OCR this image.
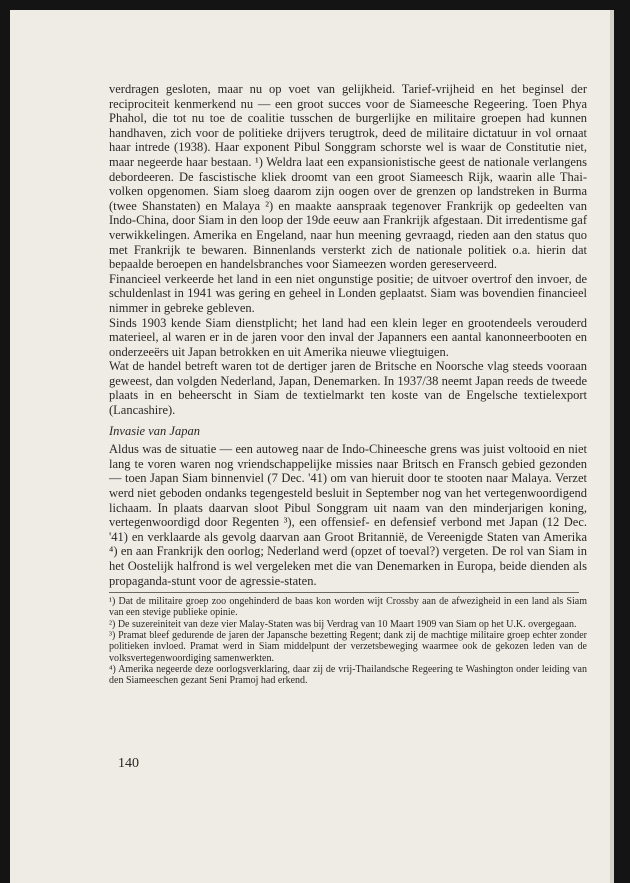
verdragen gesloten, maar nu op voet van gelijkheid. Tarief-vrijheid en het beginsel der reciprociteit kenmerkend nu — een groot succes voor de Siameesche Regeering. Toen Phya Phahol, die tot nu toe de coalitie tusschen de burgerlijke en militaire groepen had kunnen handhaven, zich voor de politieke drijvers terugtrok, deed de militaire dictatuur in vol ornaat haar intrede (1938). Haar exponent Pibul Songgram schorste wel is waar de Constitutie niet, maar negeerde haar bestaan. ¹) Weldra laat een expansionistische geest de nationale verlangens debordeeren. De fascistische kliek droomt van een groot Siameesch Rijk, waarin alle Thai-volken opgenomen. Siam sloeg daarom zijn oogen over de grenzen op landstreken in Burma (twee Shanstaten) en Malaya ²) en maakte aanspraak tegenover Frankrijk op gedeelten van Indo-China, door Siam in den loop der 19de eeuw aan Frankrijk afgestaan. Dit irredentisme gaf verwikkelingen. Amerika en Engeland, naar hun meening gevraagd, rieden aan den status quo met Frankrijk te bewaren. Binnenlands versterkt zich de nationale politiek o.a. hierin dat bepaalde beroepen en handelsbranches voor Siameezen worden gereserveerd.

Financieel verkeerde het land in een niet ongunstige positie; de uitvoer overtrof den invoer, de schuldenlast in 1941 was gering en geheel in Londen geplaatst. Siam was bovendien financieel nimmer in gebreke gebleven.

Sinds 1903 kende Siam dienstplicht; het land had een klein leger en grootendeels verouderd materieel, al waren er in de jaren voor den inval der Japanners een aantal kanonneerbooten en onderzeeërs uit Japan betrokken en uit Amerika nieuwe vliegtuigen.

Wat de handel betreft waren tot de dertiger jaren de Britsche en Noorsche vlag steeds vooraan geweest, dan volgden Nederland, Japan, Denemarken. In 1937/38 neemt Japan reeds de tweede plaats in en beheerscht in Siam de textielmarkt ten koste van de Engelsche textielexport (Lancashire).

Invasie van Japan

Aldus was de situatie — een autoweg naar de Indo-Chineesche grens was juist voltooid en niet lang te voren waren nog vriendschappelijke missies naar Britsch en Fransch gebied gezonden — toen Japan Siam binnenviel (7 Dec. '41) om van hieruit door te stooten naar Malaya. Verzet werd niet geboden ondanks tegengesteld besluit in September nog van het vertegenwoordigend lichaam. In plaats daarvan sloot Pibul Songgram uit naam van den minderjarigen koning, vertegenwoordigd door Regenten ³), een offensief- en defensief verbond met Japan (12 Dec. '41) en verklaarde als gevolg daarvan aan Groot Britannië, de Vereenigde Staten van Amerika ⁴) en aan Frankrijk den oorlog; Nederland werd (opzet of toeval?) vergeten. De rol van Siam in het Oostelijk halfrond is wel vergeleken met die van Denemarken in Europa, beide dienden als propaganda-stunt voor de agressie-staten.

¹) Dat de militaire groep zoo ongehinderd de baas kon worden wijt Crossby aan de afwezigheid in een land als Siam van een stevige publieke opinie.

²) De suzereiniteit van deze vier Malay-Staten was bij Verdrag van 10 Maart 1909 van Siam op het U.K. overgegaan.

³) Pramat bleef gedurende de jaren der Japansche bezetting Regent; dank zij de machtige militaire groep echter zonder politieken invloed. Pramat werd in Siam middelpunt der verzetsbeweging waarmee ook de gekozen leden van de volksvertegenwoordiging samenwerkten.

⁴) Amerika negeerde deze oorlogsverklaring, daar zij de vrij-Thailandsche Regeering te Washington onder leiding van den Siameeschen gezant Seni Pramoj had erkend.

140
